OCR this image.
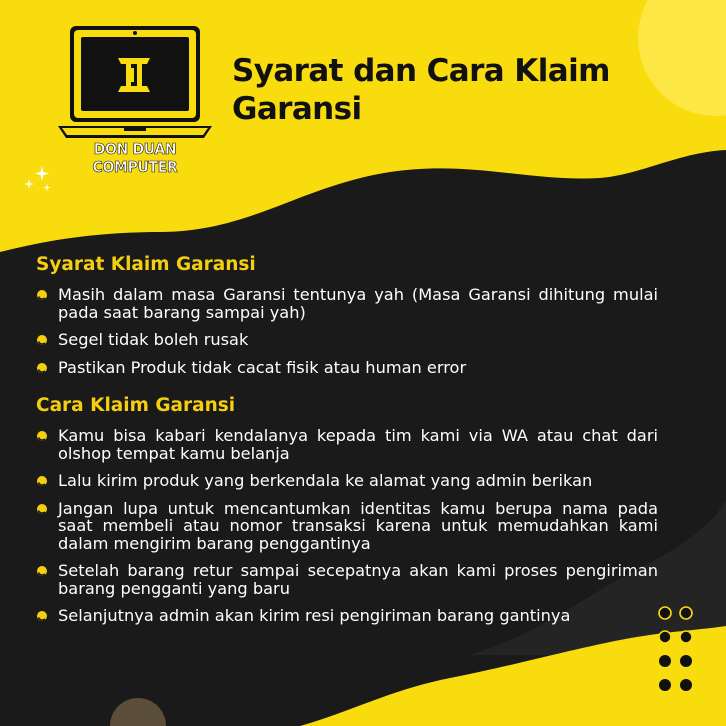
DON DUAN COMPUTER
Syarat dan Cara Klaim Garansi
Syarat Klaim Garansi
Masih dalam masa Garansi tentunya yah (Masa Garansi dihitung mulai pada saat barang sampai yah)
Segel tidak boleh rusak
Pastikan Produk tidak cacat fisik atau human error
Cara Klaim Garansi
Kamu bisa kabari kendalanya kepada tim kami via WA atau chat dari olshop tempat kamu belanja
Lalu kirim produk yang berkendala ke alamat yang admin berikan
Jangan lupa untuk mencantumkan identitas kamu berupa nama pada saat membeli atau nomor transaksi karena untuk memudahkan kami dalam mengirim barang penggantinya
Setelah barang retur sampai secepatnya akan kami proses pengiriman barang pengganti yang baru
Selanjutnya admin akan kirim resi pengiriman barang gantinya
